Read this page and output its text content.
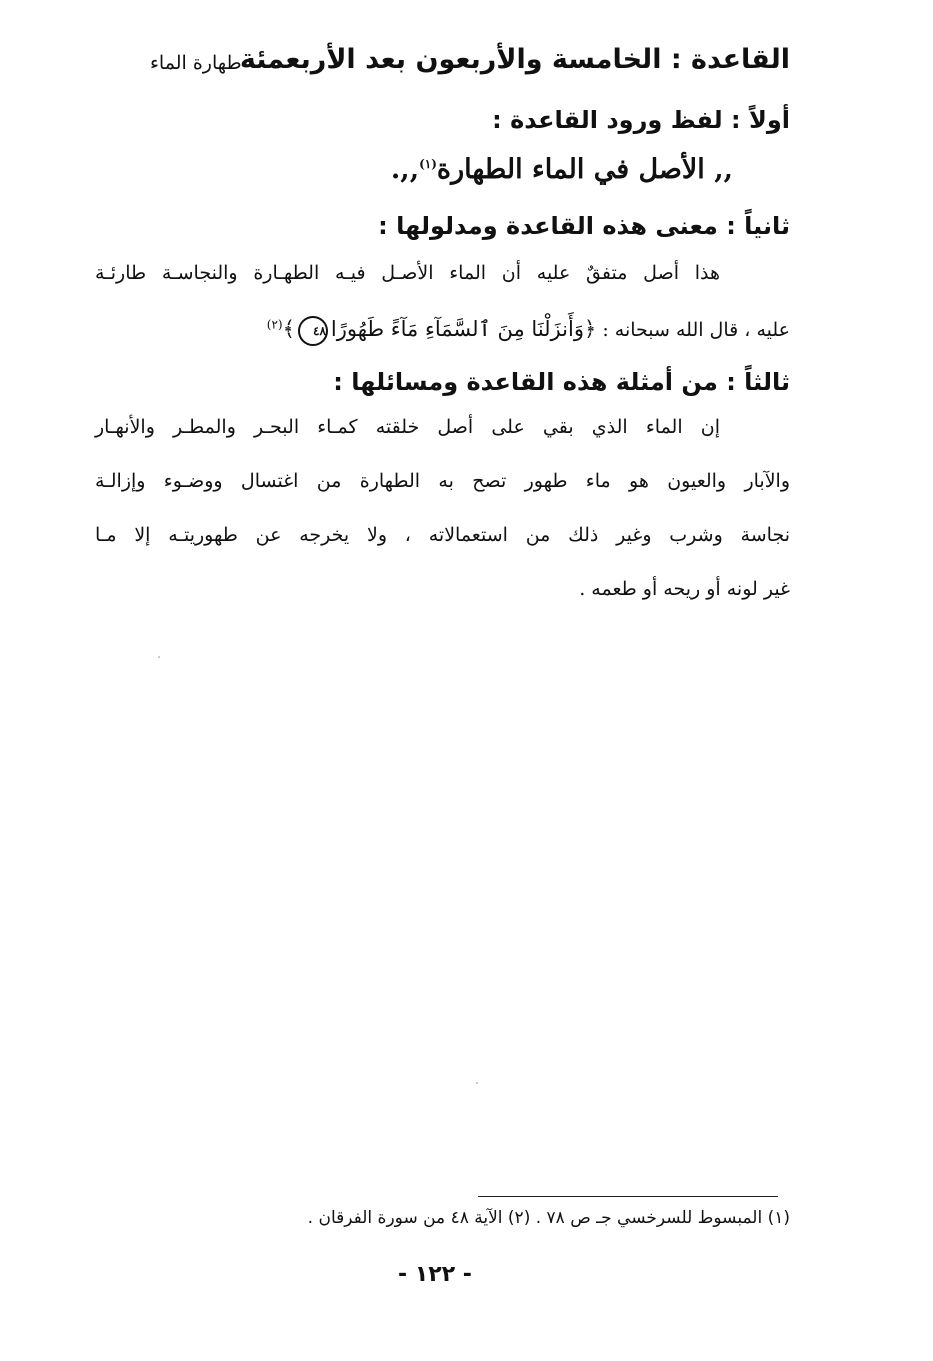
القاعدة : الخامسة والأربعون بعد الأربعمئة
طهارة الماء
أولاً : لفظ ورود القاعدة :
,, الأصل في الماء الطهارة$^{(١)}$,,.
ثانياً : معنى هذه القاعدة ومدلولها :
هذا أصل متفقٌ عليه أن الماء الأصـل فيـه الطهـارة والنجاسـة طارئـة
عليه ، قال الله سبحانه : ﴿وَأَنزَلْنَا مِنَ ٱلسَّمَآءِ مَآءً طَهُورًا٤٨﴾$^{(٢)}$
ثالثاً : من أمثلة هذه القاعدة ومسائلها :
إن الماء الذي بقي على أصل خلقته كمـاء البحـر والمطـر والأنهـار
والآبار والعيون هو ماء طهور تصح به الطهارة من اغتسال ووضـوء وإزالـة
نجاسة وشرب وغير ذلك من استعمالاته ، ولا يخرجه عن طهوريتـه إلا مـا
غير لونه أو ريحه أو طعمه .
(١) المبسوط للسرخسي جـ ص ٧٨ . (٢) الآية ٤٨ من سورة الفرقان .
- ١٢٢ -
